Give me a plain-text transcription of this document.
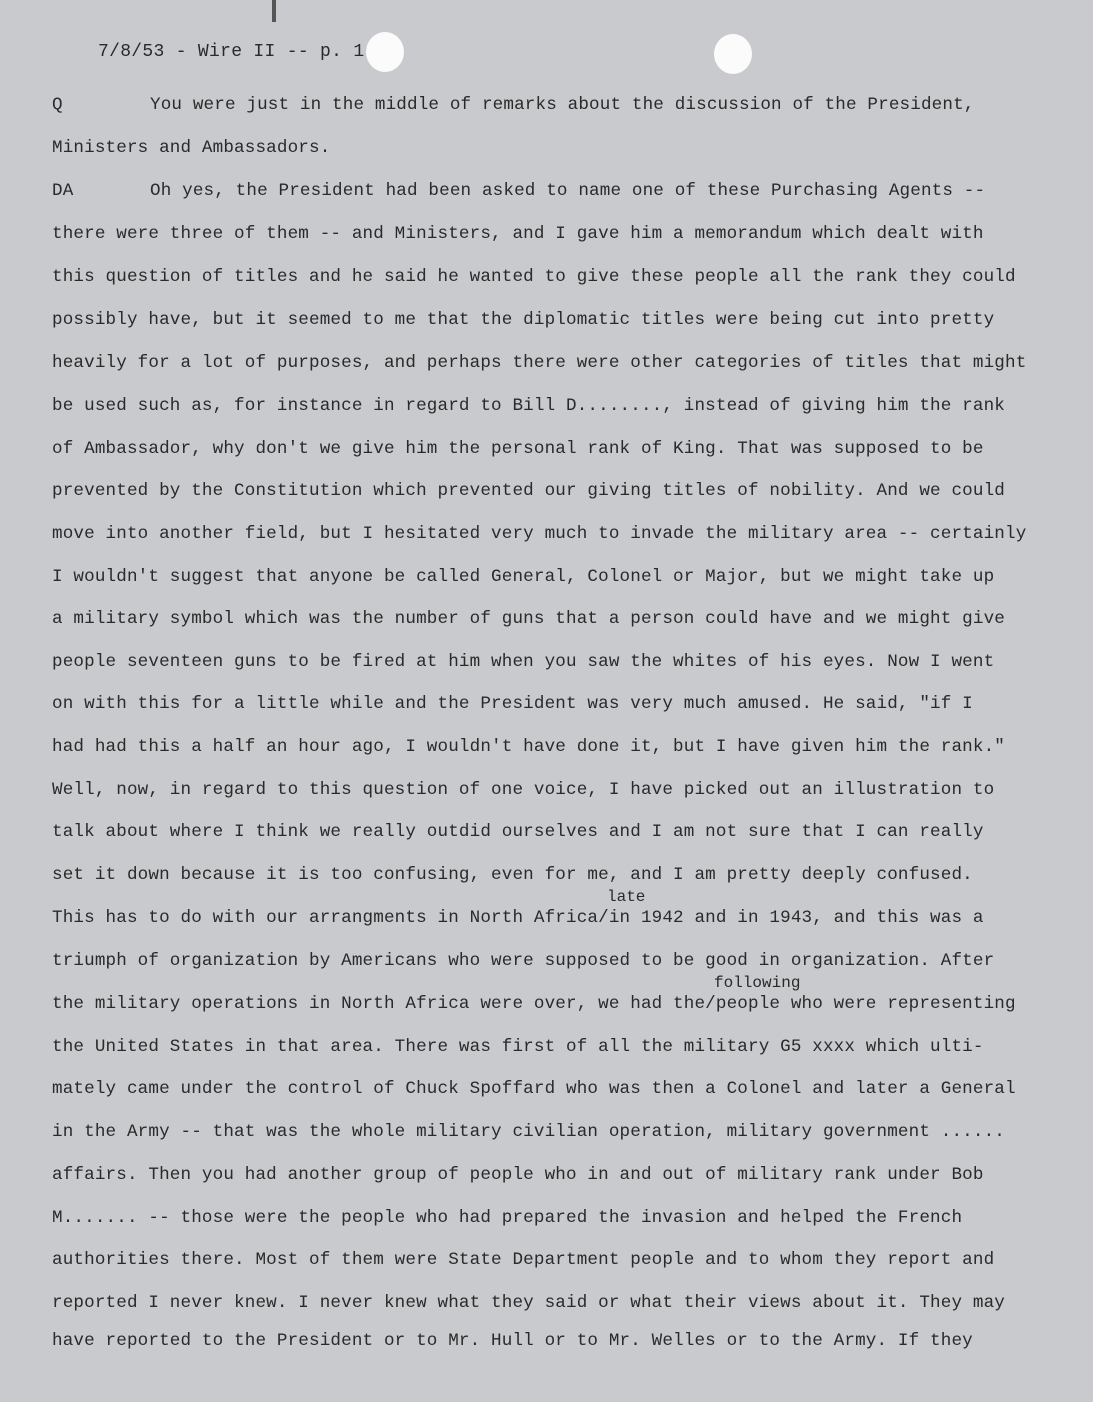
7/8/53 - Wire II -- p. 1
Q	You were just in the middle of remarks about the discussion of the President,
Ministers and Ambassadors.
DA	Oh yes, the President had been asked to name one of these Purchasing Agents --
there were three of them -- and Ministers, and I gave him a memorandum which dealt with
this question of titles and he said he wanted to give these people all the rank they could
possibly have, but it seemed to me that the diplomatic titles were being cut into pretty
heavily for a lot of purposes, and perhaps there were other categories of titles that might
be used such as, for instance in regard to Bill D........, instead of giving him the rank
of Ambassador, why don't we give him the personal rank of King. That was supposed to be
prevented by the Constitution which prevented our giving titles of nobility. And we could
move into another field, but I hesitated very much to invade the military area -- certainly
I wouldn't suggest that anyone be called General, Colonel or Major, but we might take up
a military symbol which was the number of guns that a person could have and we might give
people seventeen guns to be fired at him when you saw the whites of his eyes. Now I went
on with this for a little while and the President was very much amused. He said, "if I
had had this a half an hour ago, I wouldn't have done it, but I have given him the rank."
Well, now, in regard to this question of one voice, I have picked out an illustration to
talk about where I think we really outdid ourselves and I am not sure that I can really
set it down because it is too confusing, even for me, and I am pretty deeply confused.
late
This has to do with our arrangments in North Africa/in 1942 and in 1943, and this was a
triumph of organization by Americans who were supposed to be good in organization. After
following
the military operations in North Africa were over, we had the/people who were representing
the United States in that area. There was first of all the military G5 xxxx which ulti-
mately came under the control of Chuck Spoffard who was then a Colonel and later a General
in the Army -- that was the whole military civilian operation, military government ......
affairs. Then you had another group of people who in and out of military rank under Bob
M....... -- those were the people who had prepared the invasion and helped the French
authorities there. Most of them were State Department people and to whom they report and
reported I never knew. I never knew what they said or what their views about it. They may
have reported to the President or to Mr. Hull or to Mr. Welles or to the Army. If they
